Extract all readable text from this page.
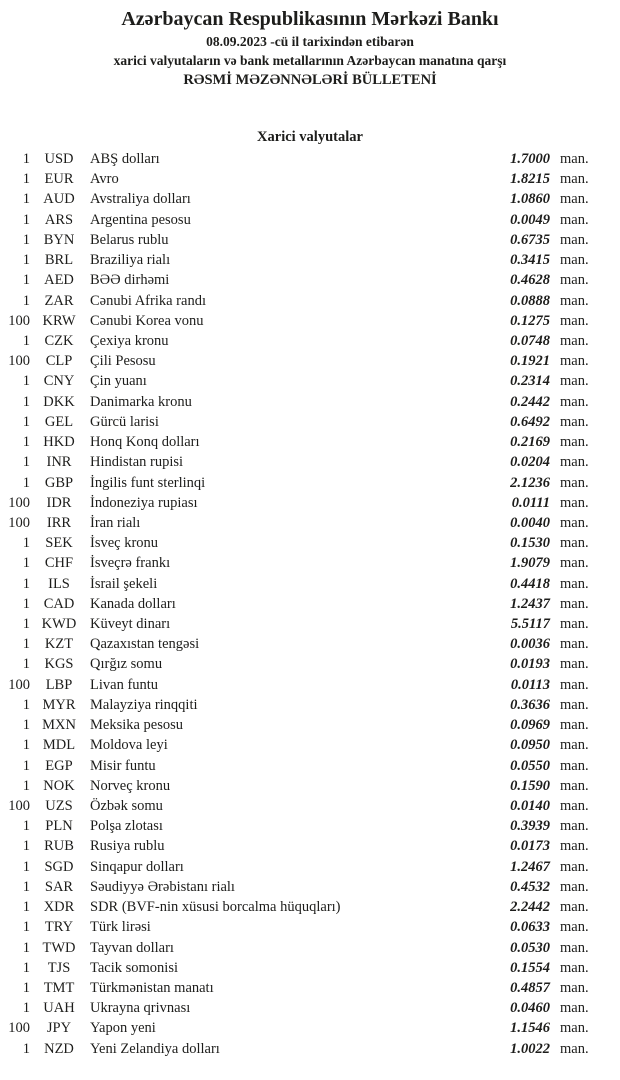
Azərbaycan Respublikasının Mərkəzi Bankı
08.09.2023 -cü il tarixindən etibarən
xarici valyutaların və bank metallarının Azərbaycan manatına qarşı
RƏSMİ MƏZƏNNƏLƏRİ BÜLLETENİ
Xarici valyutalar
1 USD	ABŞ dolları	1.7000 man.
1	EUR	Avro	1.8215 man.
1 AUD	Avstraliya dolları	1.0860 man.
1	ARS	Argentina pesosu	0.0049 man.
1 BYN	Belarus rublu	0.6735 man.
1	BRL	Braziliya rialı	0.3415 man.
1 AED	BƏƏ dirhəmi	0.4628 man.
1	ZAR	Cənubi Afrika randı	0.0888 man.
100 KRW Cənubi Korea vonu	0.1275 man.
1	CZK	Çexiya kronu	0.0748 man.
100	CLP	Çili Pesosu	0.1921 man.
1 CNY	Çin yuanı	0.2314 man.
1 DKK	Danimarka kronu	0.2442 man.
1	GEL	Gürcü larisi	0.6492 man.
1 HKD	Honq Konq dolları	0.2169 man.
1	INR	Hindistan rupisi	0.0204 man.
1	GBP	İngilis funt sterlinqi	2.1236 man.
100	IDR	İndoneziya rupiası	0.0111 man.
100	IRR	İran rialı	0.0040 man.
1	SEK	İsveç kronu	0.1530 man.
1	CHF	İsveçrə frankı	1.9079 man.
1	ILS	İsrail şekeli	0.4418 man.
1 CAD	Kanada dolları	1.2437 man.
1 KWD Küveyt dinarı	5.5117 man.
1	KZT	Qazaxıstan tengəsi	0.0036 man.
1 KGS	Qırğız somu	0.0193 man.
100	LBP	Livan funtu	0.0113 man.
1 MYR Malayziya rinqqiti	0.3636 man.
1 MXN Meksika pesosu	0.0969 man.
1 MDL	Moldova leyi	0.0950 man.
1	EGP	Misir funtu	0.0550 man.
1 NOK	Norveç kronu	0.1590 man.
100	UZS	Özbək somu	0.0140 man.
1	PLN	Polşa zlotası	0.3939 man.
1 RUB	Rusiya rublu	0.0173 man.
1 SGD	Sinqapur dolları	1.2467 man.
1	SAR	Səudiyyə Ərəbistanı rialı	0.4532 man.
1 XDR	SDR (BVF-nin xüsusi borcalma hüquqları)	2.2442 man.
1	TRY	Türk lirəsi	0.0633 man.
1 TWD	Tayvan dolları	0.0530 man.
1	TJS	Tacik somonisi	0.1554 man.
1 TMT	Türkmənistan manatı	0.4857 man.
1 UAH	Ukrayna qrivnası	0.0460 man.
100	JPY	Yapon yeni	1.1546 man.
1 NZD	Yeni Zelandiya dolları	1.0022 man.
